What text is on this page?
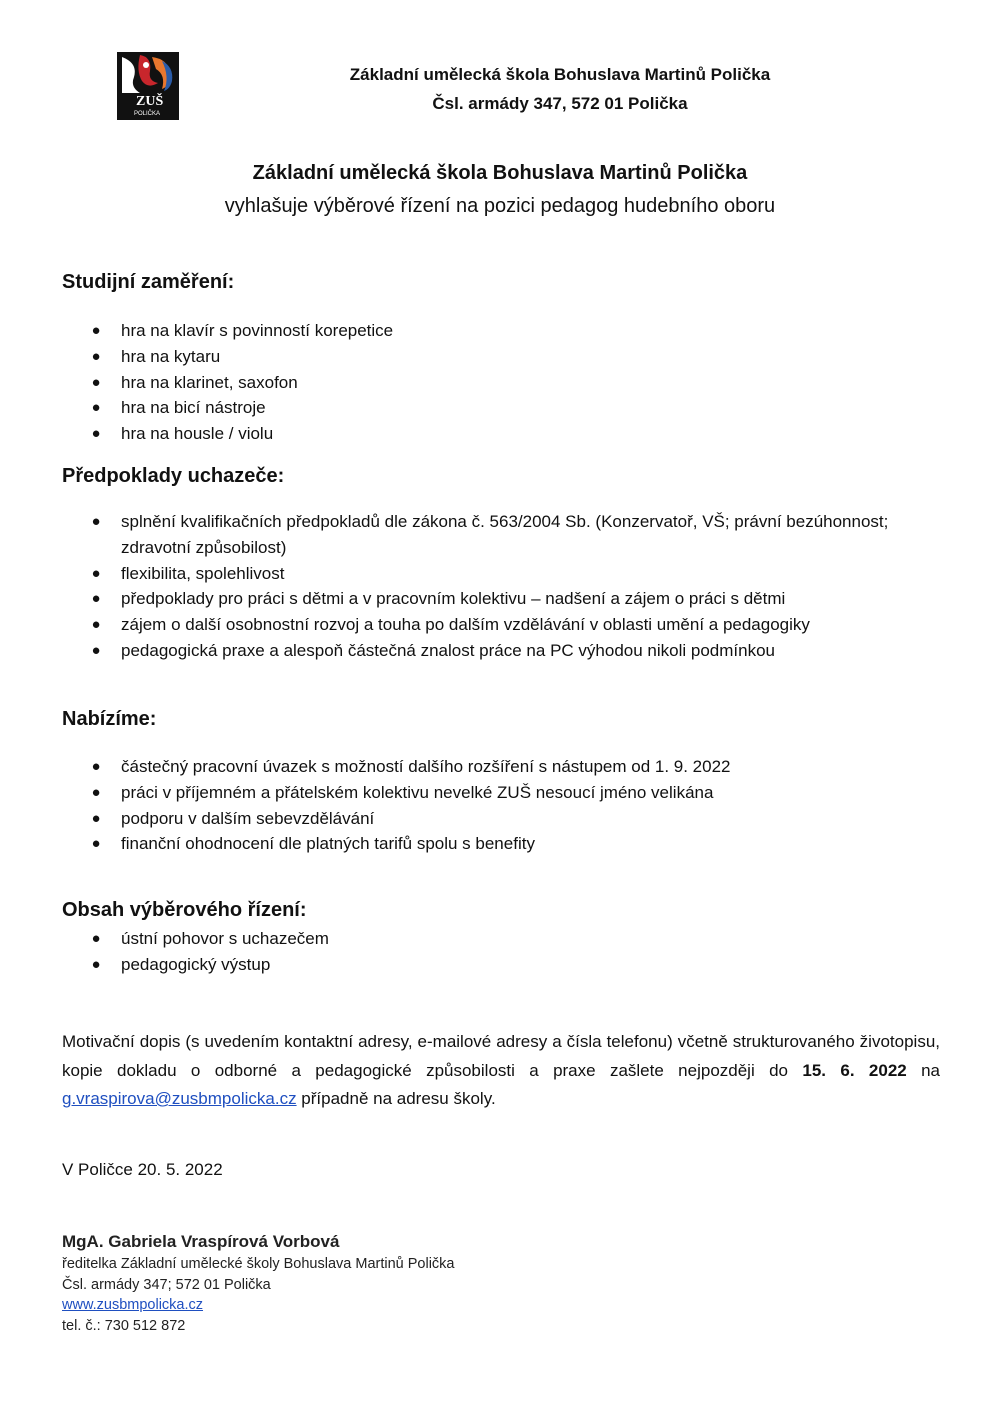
ZUŠ
POLIČKA
Základní umělecká škola Bohuslava Martinů Polička
Čsl. armády 347, 572 01 Polička
Základní umělecká škola Bohuslava Martinů Polička
vyhlašuje výběrové řízení na pozici pedagog hudebního oboru
Studijní zaměření:
● hra na klavír s povinností korepetice
● hra na kytaru
● hra na klarinet, saxofon
● hra na bicí nástroje
● hra na housle / violu
Předpoklady uchazeče:
● splnění kvalifikačních předpokladů dle zákona č. 563/2004 Sb. (Konzervatoř, VŠ; právní bezúhonnost; zdravotní způsobilost)
● flexibilita, spolehlivost
● předpoklady pro práci s dětmi a v pracovním kolektivu – nadšení a zájem o práci s dětmi
● zájem o další osobnostní rozvoj a touha po dalším vzdělávání v oblasti umění a pedagogiky
● pedagogická praxe a alespoň částečná znalost práce na PC výhodou nikoli podmínkou
Nabízíme:
● částečný pracovní úvazek s možností dalšího rozšíření s nástupem od 1. 9. 2022
● práci v příjemném a přátelském kolektivu nevelké ZUŠ nesoucí jméno velikána
● podporu v dalším sebevzdělávání
● finanční ohodnocení dle platných tarifů spolu s benefity
Obsah výběrového řízení:
● ústní pohovor s uchazečem
● pedagogický výstup
Motivační dopis (s uvedením kontaktní adresy, e-mailové adresy a čísla telefonu) včetně strukturovaného životopisu, kopie dokladu o odborné a pedagogické způsobilosti a praxe zašlete nejpozději do 15. 6. 2022 na g.vraspirova@zusbmpolicka.cz případně na adresu školy.
V Poličce 20. 5. 2022
MgA. Gabriela Vraspírová Vorbová
ředitelka Základní umělecké školy Bohuslava Martinů Polička
Čsl. armády 347; 572 01 Polička
www.zusbmpolicka.cz
tel. č.: 730 512 872
